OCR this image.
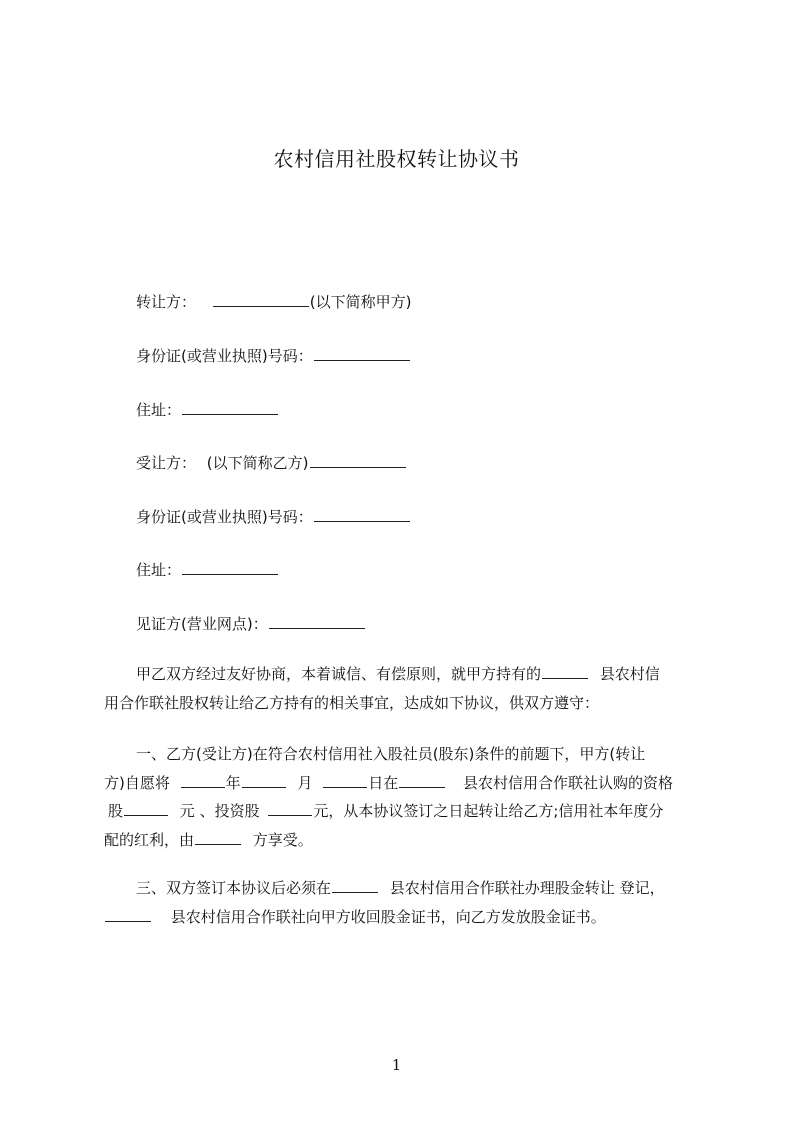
农村信用社股权转让协议书
转让方：	(以下简称甲方)
身份证(或营业执照)号码：
住址：
受让方： (以下简称乙方)
身份证(或营业执照)号码：
住址：
见证方(营业网点)：
甲乙双方经过友好协商，本着诚信、有偿原则，就甲方持有的	县农村信
用合作联社股权转让给乙方持有的相关事宜，达成如下协议，供双方遵守：
一、乙方(受让方)在符合农村信用社入股社员(股东)条件的前题下，甲方(转让
方)自愿将	年	月	日在	县农村信用合作联社认购的资格
股	元 、投资股	元，从本协议签订之日起转让给乙方;信用社本年度分
配的红利，由	方享受。
三、双方签订本协议后必须在	县农村信用合作联社办理股金转让 登记，
县农村信用合作联社向甲方收回股金证书，向乙方发放股金证书。
1
